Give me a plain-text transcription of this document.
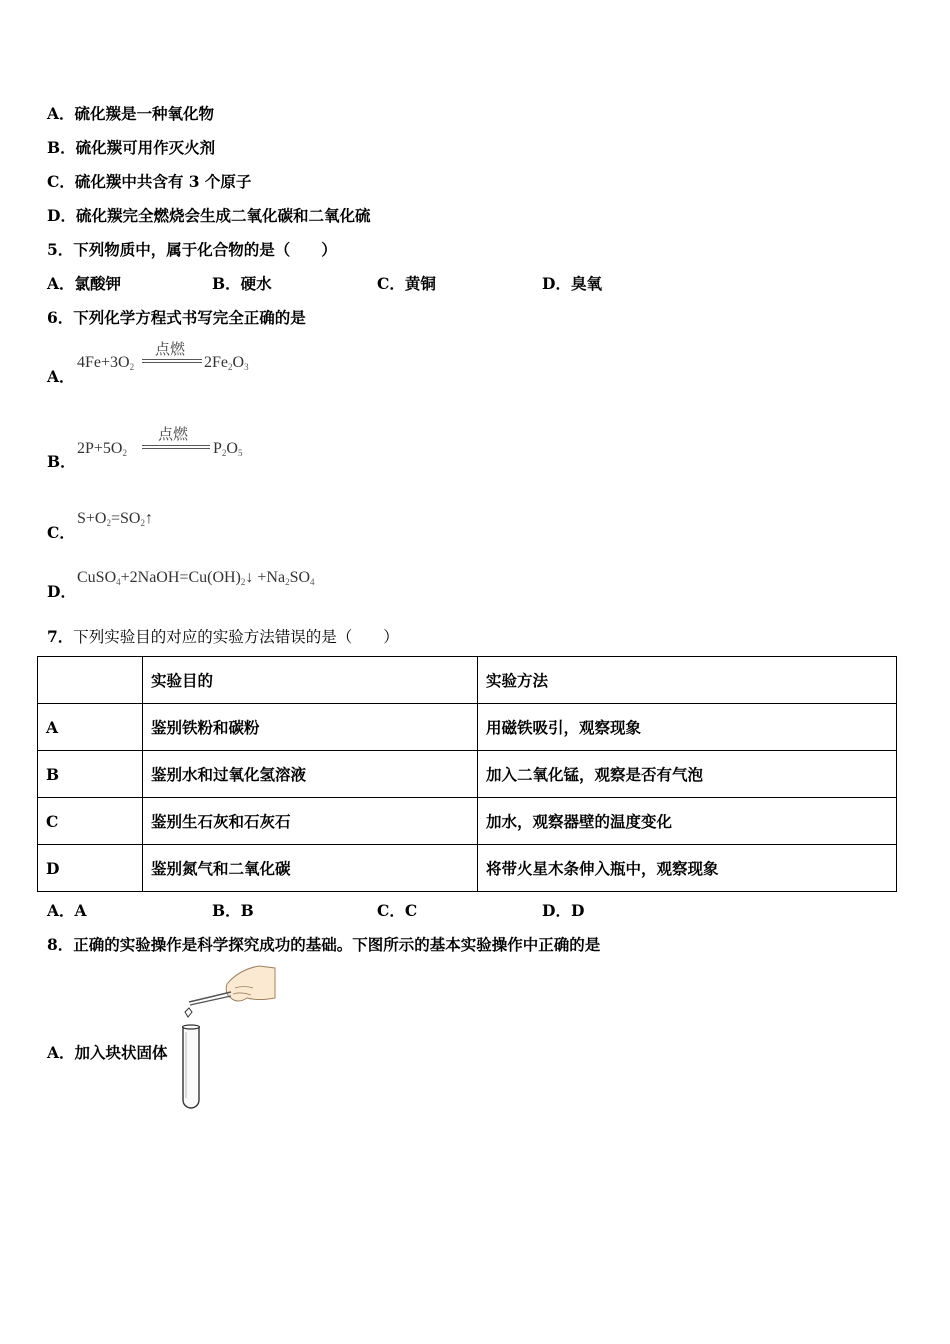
A．硫化羰是一种氧化物
B．硫化羰可用作灭火剂
C．硫化羰中共含有 3 个原子
D．硫化羰完全燃烧会生成二氧化碳和二氧化硫
5．下列物质中，属于化合物的是（　　）
A．氯酸钾	B．硬水	C．黄铜	D．臭氧
6．下列化学方程式书写完全正确的是
A．
$4Fe+3O_2$
点燃
$2Fe_2O_3$
B．
$2P+5O_2$
点燃
$P_2O_5$
C．
$S+O_2=SO_2↑$
D．
$CuSO_4+2NaOH=Cu(OH)_2↓ +Na_2SO_4$
7．下列实验目的对应的实验方法错误的是（　　）
	实验目的	实验方法
A	鉴别铁粉和碳粉	用磁铁吸引，观察现象
B	鉴别水和过氧化氢溶液	加入二氧化锰，观察是否有气泡
C	鉴别生石灰和石灰石	加水，观察器壁的温度变化
D	鉴别氮气和二氧化碳	将带火星木条伸入瓶中，观察现象
A．A	B．B	C．C	D．D
8．正确的实验操作是科学探究成功的基础。下图所示的基本实验操作中正确的是
A．加入块状固体
